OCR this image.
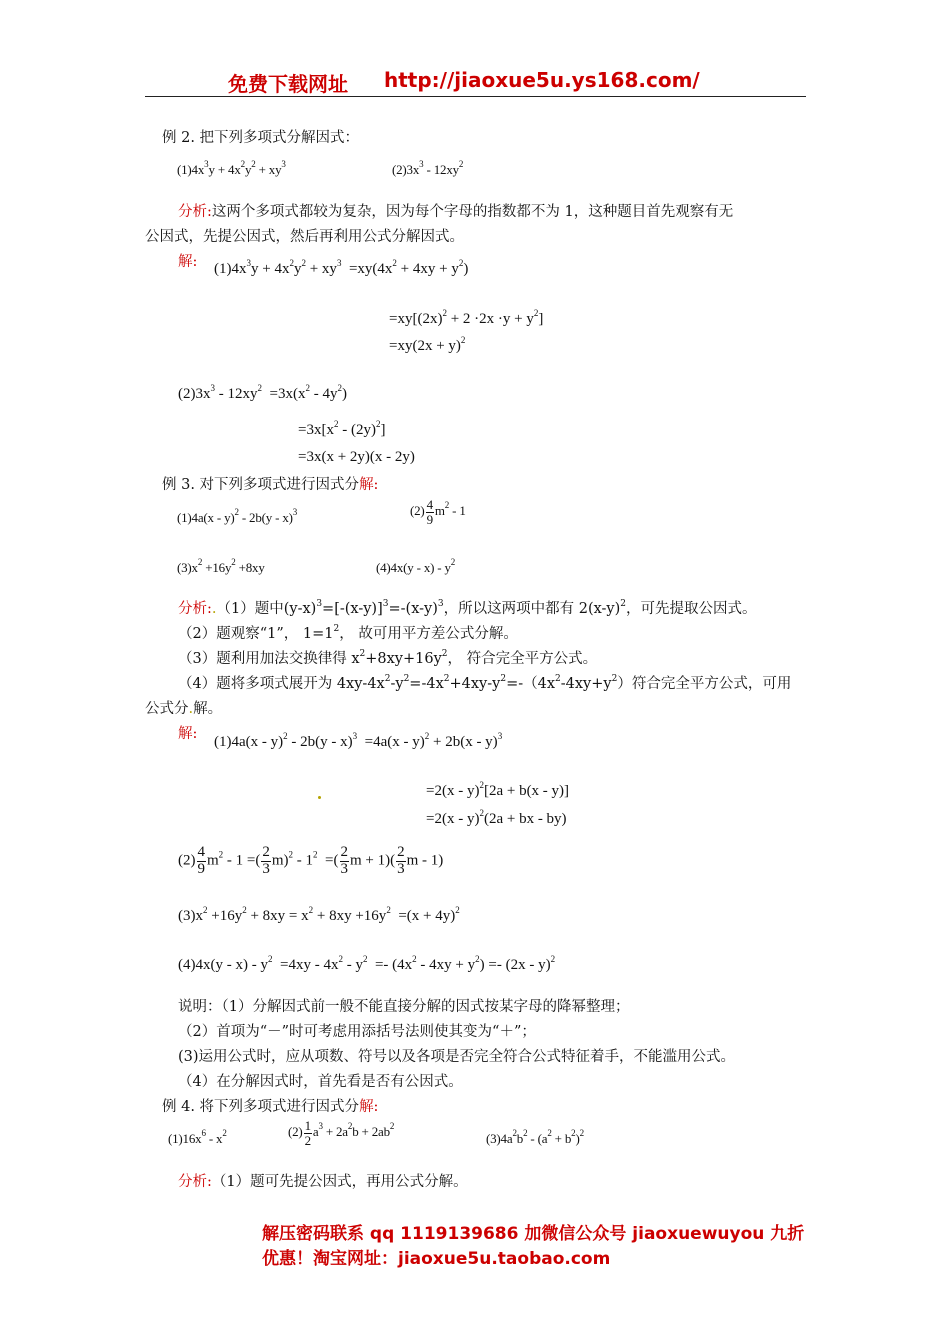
免费下载网址 http://jiaoxue5u.ys168.com/
例 2. 把下列多项式分解因式：
$(1)4x^3y + 4x^2y^2 + xy^3$	$(2)3x^3 - 12xy^2$
分析:这两个多项式都较为复杂，因为每个字母的指数都不为 1，这种题目首先观察有无
公因式，先提公因式，然后再利用公式分解因式。
解: $(1)4x^3y + 4x^2y^2 + xy^3 =xy(4x^2 + 4xy + y^2)$
$=xy[(2x)^2 + 2 \cdot 2x \cdot y + y^2]$
$=xy(2x + y)^2$
$(2)3x^3 - 12xy^2 =3x(x^2 - 4y^2)$
$=3x[x^2 - (2y)^2]$
=3x(x + 2y)(x - 2y)
例 3. 对下列多项式进行因式分解:
(1)4a(x - y)$^2$ - 2b(y - x)$^3$	$(2) \frac{4}{9} m^2 - 1$
$(3)x^2 +16y^2 +8xy$	$(4)4x(y - x) - y^2$
分析:.（1）题中$(y-x)^3=[-(x-y)]^3=-(x-y)^3$，所以这两项中都有 $2(x-y)^2$，可先提取公因式。
（2）题观察“1”， $1=1^2$， 故可用平方差公式分解。
（3）题利用加法交换律得 $x^2+8xy+16y^2$， 符合完全平方公式。
（4）题将多项式展开为 $4xy-4x^2-y^2=-4x^2+4xy-y^2=-(4x^2-4xy+y^2)$符合完全平方公式，可用
公式分.解。
解: (1)4a(x - y)$^2$ - 2b(y - x)$^3$  =4a(x - y)$^2$ + 2b(x - y)$^3$
=2(x - y)$^2$[2a + b(x - y)]
=2(x - y)$^2$(2a + bx - by)
$(2) \frac{4}{9} m^2 - 1$ =( $\frac{2}{3} m)^2 - 1^2$  =( $\frac{2}{3}$ $m + 1)( \frac{2}{3}$ m - 1)
$(3)x^2 +16y^2 + 8xy = x^2 + 8xy +16y^2 =(x + 4y)^2$
$(4)4x(y - x) - y^2 =4xy - 4x^2 - y^2 =- (4x^2 - 4xy + y^2) =- (2x - y)^2$
说明：（1）分解因式前一般不能直接分解的因式按某字母的降幂整理；
（2）首项为“－”时可考虑用添括号法则使其变为“＋”；
(3)运用公式时，应从项数、符号以及各项是否完全符合公式特征着手，不能滥用公式。
（4）在分解因式时，首先看是否有公因式。
例 4. 将下列多项式进行因式分解:
$(1)16x^6 - x^2$	$(2) \frac{1}{2} a^3 + 2a^2b + 2ab^2$
$(3)4a^2b^2 - (a^2 + b^2)^2$
分析:（1）题可先提公因式，再用公式分解。
解压密码联系 qq 1119139686 加微信公众号 jiaoxuewuyou 九折
优惠！淘宝网址：jiaoxue5u.taobao.com
